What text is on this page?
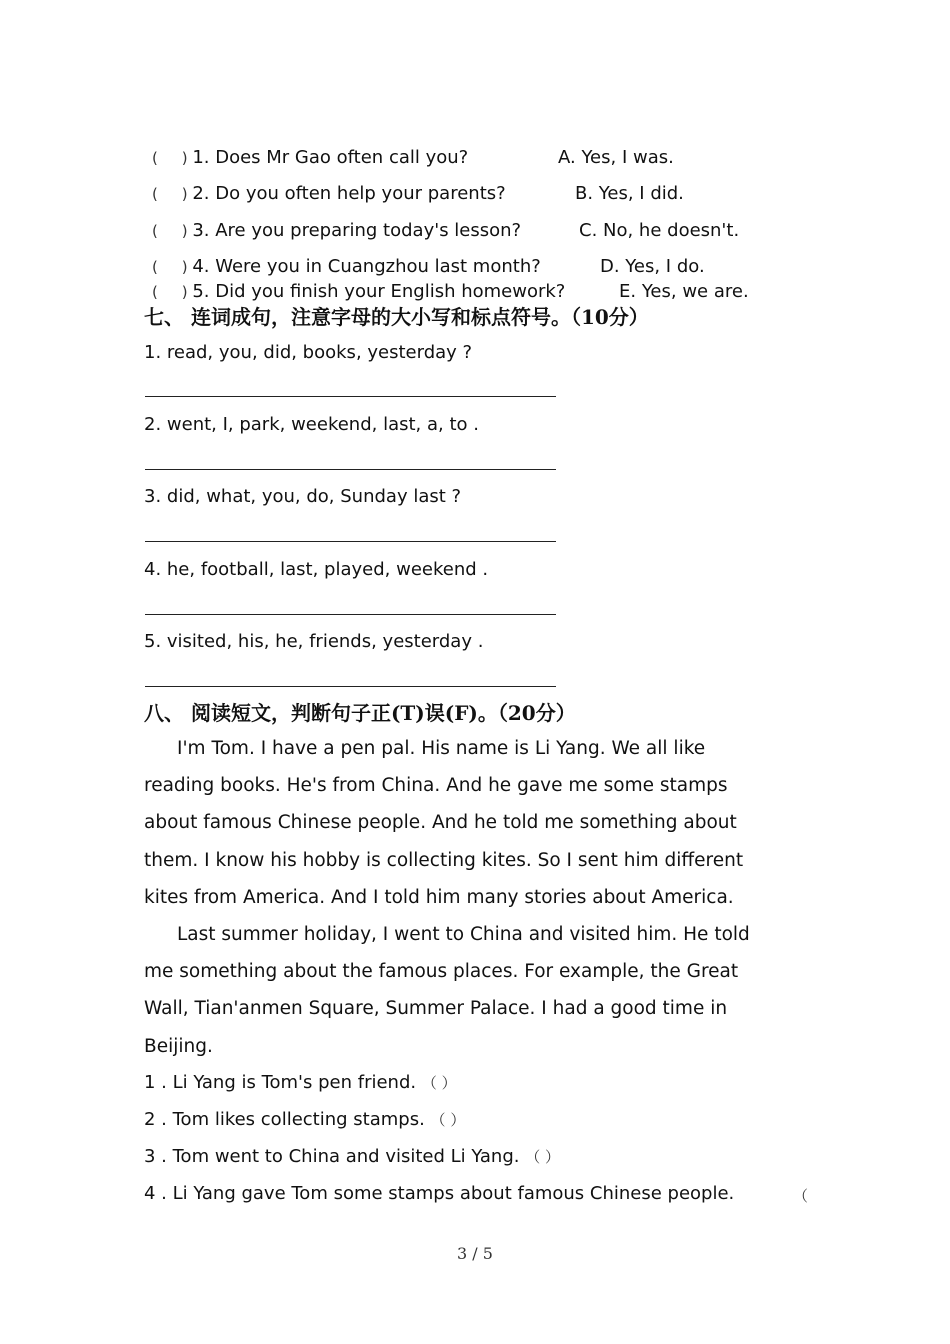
(     ) 1. Does Mr Gao often call you?	A. Yes, I was.
(     ) 2. Do you often help your parents?	B. Yes, I did.
(     ) 3. Are you preparing today's lesson?	C. No, he doesn't.
(     ) 4. Were you in Cuangzhou last month?	D. Yes, I do.
(     ) 5. Did you finish your English homework?	E. Yes, we are.
七、 连词成句，注意字母的大小写和标点符号。（10分）
1. read, you, did, books, yesterday ?
2. went, I, park, weekend, last, a, to .
3. did, what, you, do, Sunday last ?
4. he, football, last, played, weekend .
5. visited, his, he, friends, yesterday .
八、 阅读短文，判断句子正(T)误(F)。（20分）
I'm Tom. I have a pen pal. His name is Li Yang. We all like
reading books. He's from China. And he gave me some stamps
about famous Chinese people. And he told me something about
them. I know his hobby is collecting kites. So I sent him different
kites from America. And I told him many stories about America.
Last summer holiday, I went to China and visited him. He told
me something about the famous places. For example, the Great
Wall, Tian'anmen Square, Summer Palace. I had a good time in
Beijing.
1 . Li Yang is Tom's pen friend. （ ）
2 . Tom likes collecting stamps. （ ）
3 . Tom went to China and visited Li Yang. （ ）
4 . Li Yang gave Tom some stamps about famous Chinese people.	（
3 / 5
